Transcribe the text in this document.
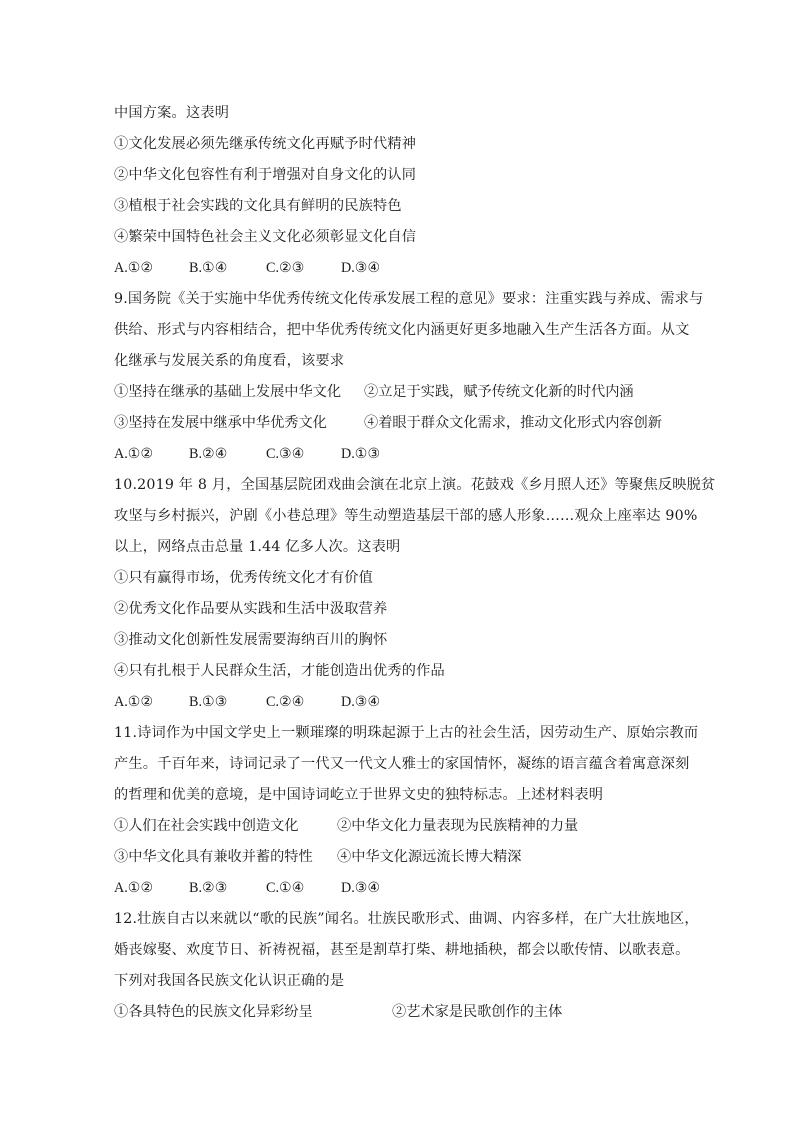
中国方案。这表明
①文化发展必须先继承传统文化再赋予时代精神
②中华文化包容性有利于增强对自身文化的认同
③植根于社会实践的文化具有鲜明的民族特色
④繁荣中国特色社会主义文化必须彰显文化自信
A.①②	B.①④	C.②③	D.③④
9.国务院《关于实施中华优秀传统文化传承发展工程的意见》要求：注重实践与养成、需求与
供给、形式与内容相结合，把中华优秀传统文化内涵更好更多地融入生产生活各方面。从文
化继承与发展关系的角度看，该要求
①坚持在继承的基础上发展中华文化 ②立足于实践，赋予传统文化新的时代内涵
③坚持在发展中继承中华优秀文化	④着眼于群众文化需求，推动文化形式内容创新
A.①②	B.②④	C.③④	D.①③
10.2019 年 8 月，全国基层院团戏曲会演在北京上演。花鼓戏《乡月照人还》等聚焦反映脱贫
攻坚与乡村振兴，沪剧《小巷总理》等生动塑造基层干部的感人形象……观众上座率达 90%
以上，网络点击总量 1.44 亿多人次。这表明
①只有赢得市场，优秀传统文化才有价值
②优秀文化作品要从实践和生活中汲取营养
③推动文化创新性发展需要海纳百川的胸怀
④只有扎根于人民群众生活，才能创造出优秀的作品
A.①②	B.①③	C.②④	D.③④
11.诗词作为中国文学史上一颗璀璨的明珠起源于上古的社会生活，因劳动生产、原始宗教而
产生。千百年来，诗词记录了一代又一代文人雅士的家国情怀，凝练的语言蕴含着寓意深刻
的哲理和优美的意境，是中国诗词屹立于世界文史的独特标志。上述材料表明
①人们在社会实践中创造文化	②中华文化力量表现为民族精神的力量
③中华文化具有兼收并蓄的特性 ④中华文化源远流长博大精深
A.①②	B.②③	C.①④	D.③④
12.壮族自古以来就以“歌的民族”闻名。壮族民歌形式、曲调、内容多样，在广大壮族地区，
婚丧嫁娶、欢度节日、祈祷祝福，甚至是割草打柴、耕地插秧，都会以歌传情、以歌表意。
下列对我国各民族文化认识正确的是
①各具特色的民族文化异彩纷呈	②艺术家是民歌创作的主体
